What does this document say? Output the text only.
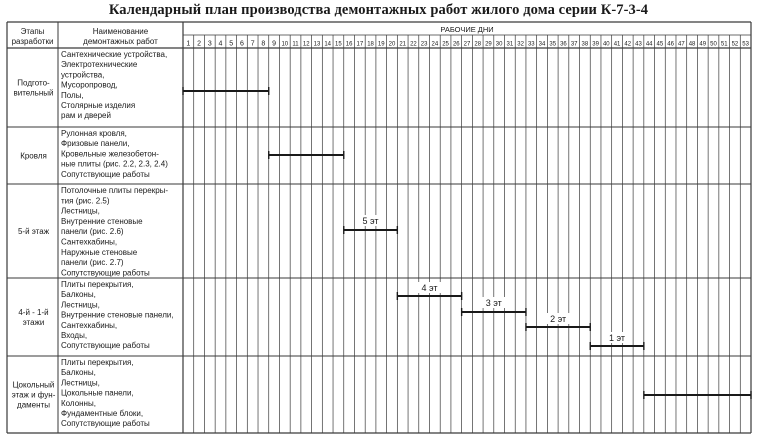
Календарный план производства демонтажных работ жилого дома серии К-7-3-4
Этапы
разработки
Наименование
демонтажных работ
РАБОЧИЕ ДНИ
1 2 3 4 5 6 7 8 9 10 11 12 13 14 15 16 17 18 19 20 21 22 23 24 25 26 27 28 29 30 31 32 33 34 35 36 37 38 39 40 41 42 43 44 45 46 47 48 49 50 51 52 53
Подгото-
вительный
Сантехнические устройства,
Электротехнические
устройства,
Мусоропровод,
Полы,
Столярные изделия
рам и дверей
Кровля
Рулонная кровля,
Фризовые панели,
Кровельные железобетон-
ные плиты (рис. 2.2, 2.3, 2.4)
Сопутствующие работы
5-й этаж
Потолочные плиты перекры-
тия (рис. 2.5)
Лестницы,
Внутренние стеновые
панели (рис. 2.6)
Сантехкабины,
Наружные стеновые
панели (рис. 2.7)
Сопутствующие работы
4-й - 1-й
этажи
Плиты перекрытия,
Балконы,
Лестницы,
Внутренние стеновые панели,
Сантехкабины,
Входы,
Сопутствующие работы
Цокольный
этаж и фун-
даменты
Плиты перекрытия,
Балконы,
Лестницы,
Цокольные панели,
Колонны,
Фундаментные блоки,
Сопутствующие работы
5 эт
4 эт
3 эт
2 эт
1 эт
